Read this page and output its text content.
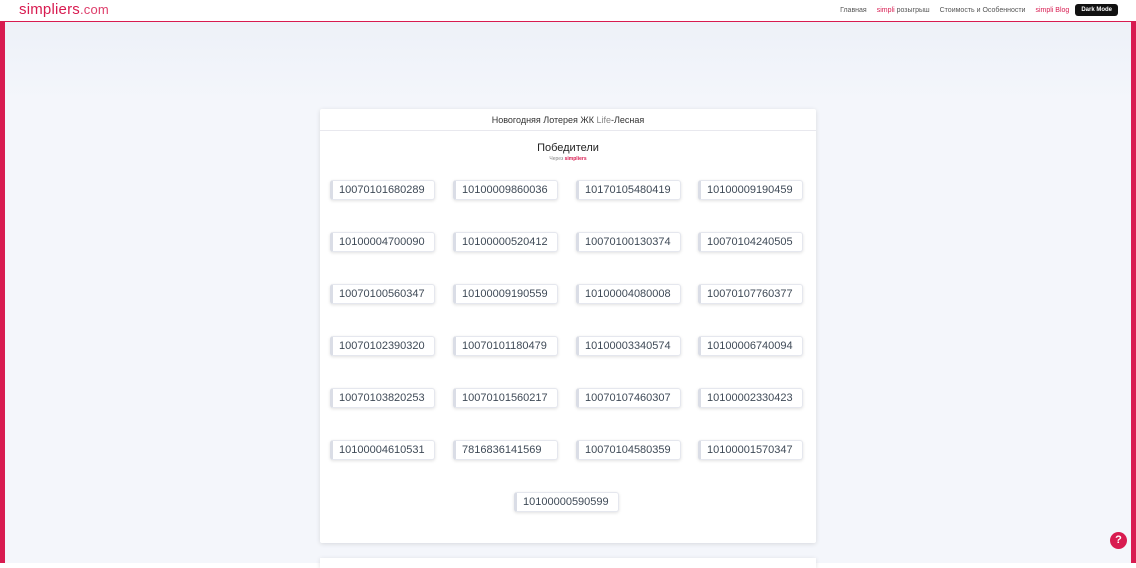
simpliers.com	Главная simpli розыгрыш Стоимость и Особенности simpli Blog	Dark Mode
Новогодняя Лотерея ЖК
Life -Лесная
Победители
Через simpliers
10070101680289	10100009860036	10170105480419	10100009190459
10100004700090	10100000520412	10070100130374	10070104240505
10070100560347	10100009190559	10100004080008	10070107760377
10070102390320	10070101180479	10100003340574	10100006740094
10070103820253	10070101560217	10070107460307	10100002330423
10100004610531	7816836141569	10070104580359	10100001570347
10100000590599
?
